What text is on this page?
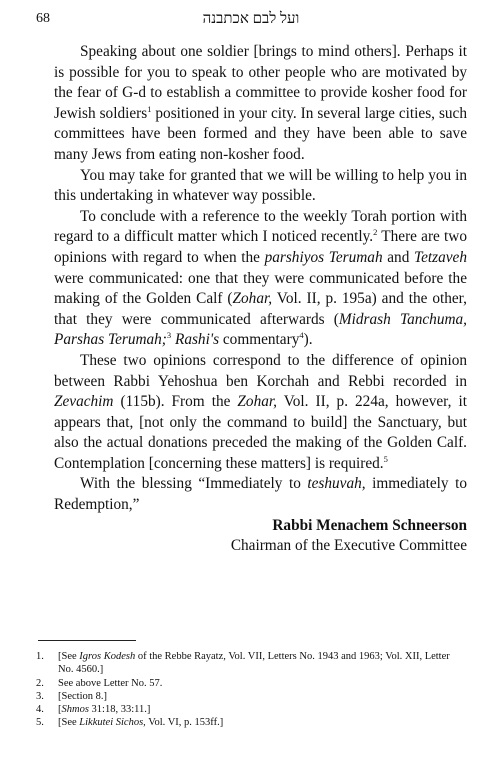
68	ועל לבם אכתבנה

Speaking about one soldier [brings to mind others]. Perhaps it is possible for you to speak to other people who are motivated by the fear of G-d to establish a committee to provide kosher food for Jewish soldiers$^1$ positioned in your city. In several large cities, such committees have been formed and they have been able to save many Jews from eating non-kosher food.

You may take for granted that we will be willing to help you in this undertaking in whatever way possible.

To conclude with a reference to the weekly Torah portion with regard to a difficult matter which I noticed recently.$^2$ There are two opinions with regard to when the parshiyos Terumah and Tetzaveh were communicated: one that they were communicated before the making of the Golden Calf (Zohar, Vol. II, p. 195a) and the other, that they were communicated afterwards (Midrash Tanchuma, Parshas Terumah;$^3$ Rashi's commentary$^4$).

These two opinions correspond to the difference of opinion between Rabbi Yehoshua ben Korchah and Rebbi recorded in Zevachim (115b). From the Zohar, Vol. II, p. 224a, however, it appears that, [not only the command to build] the Sanctuary, but also the actual donations preceded the making of the Golden Calf. Contemplation [concerning these matters] is required.$^5$

With the blessing “Immediately to teshuvah, immediately to Redemption,”

Rabbi Menachem Schneerson
Chairman of the Executive Committee
1.	[See Igros Kodesh of the Rebbe Rayatz, Vol. VII, Letters No. 1943 and 1963; Vol. XII, Letter No. 4560.]
2.	See above Letter No. 57.
3.	[Section 8.]
4.	[Shmos 31:18, 33:11.]
5.	[See Likkutei Sichos, Vol. VI, p. 153ff.]
